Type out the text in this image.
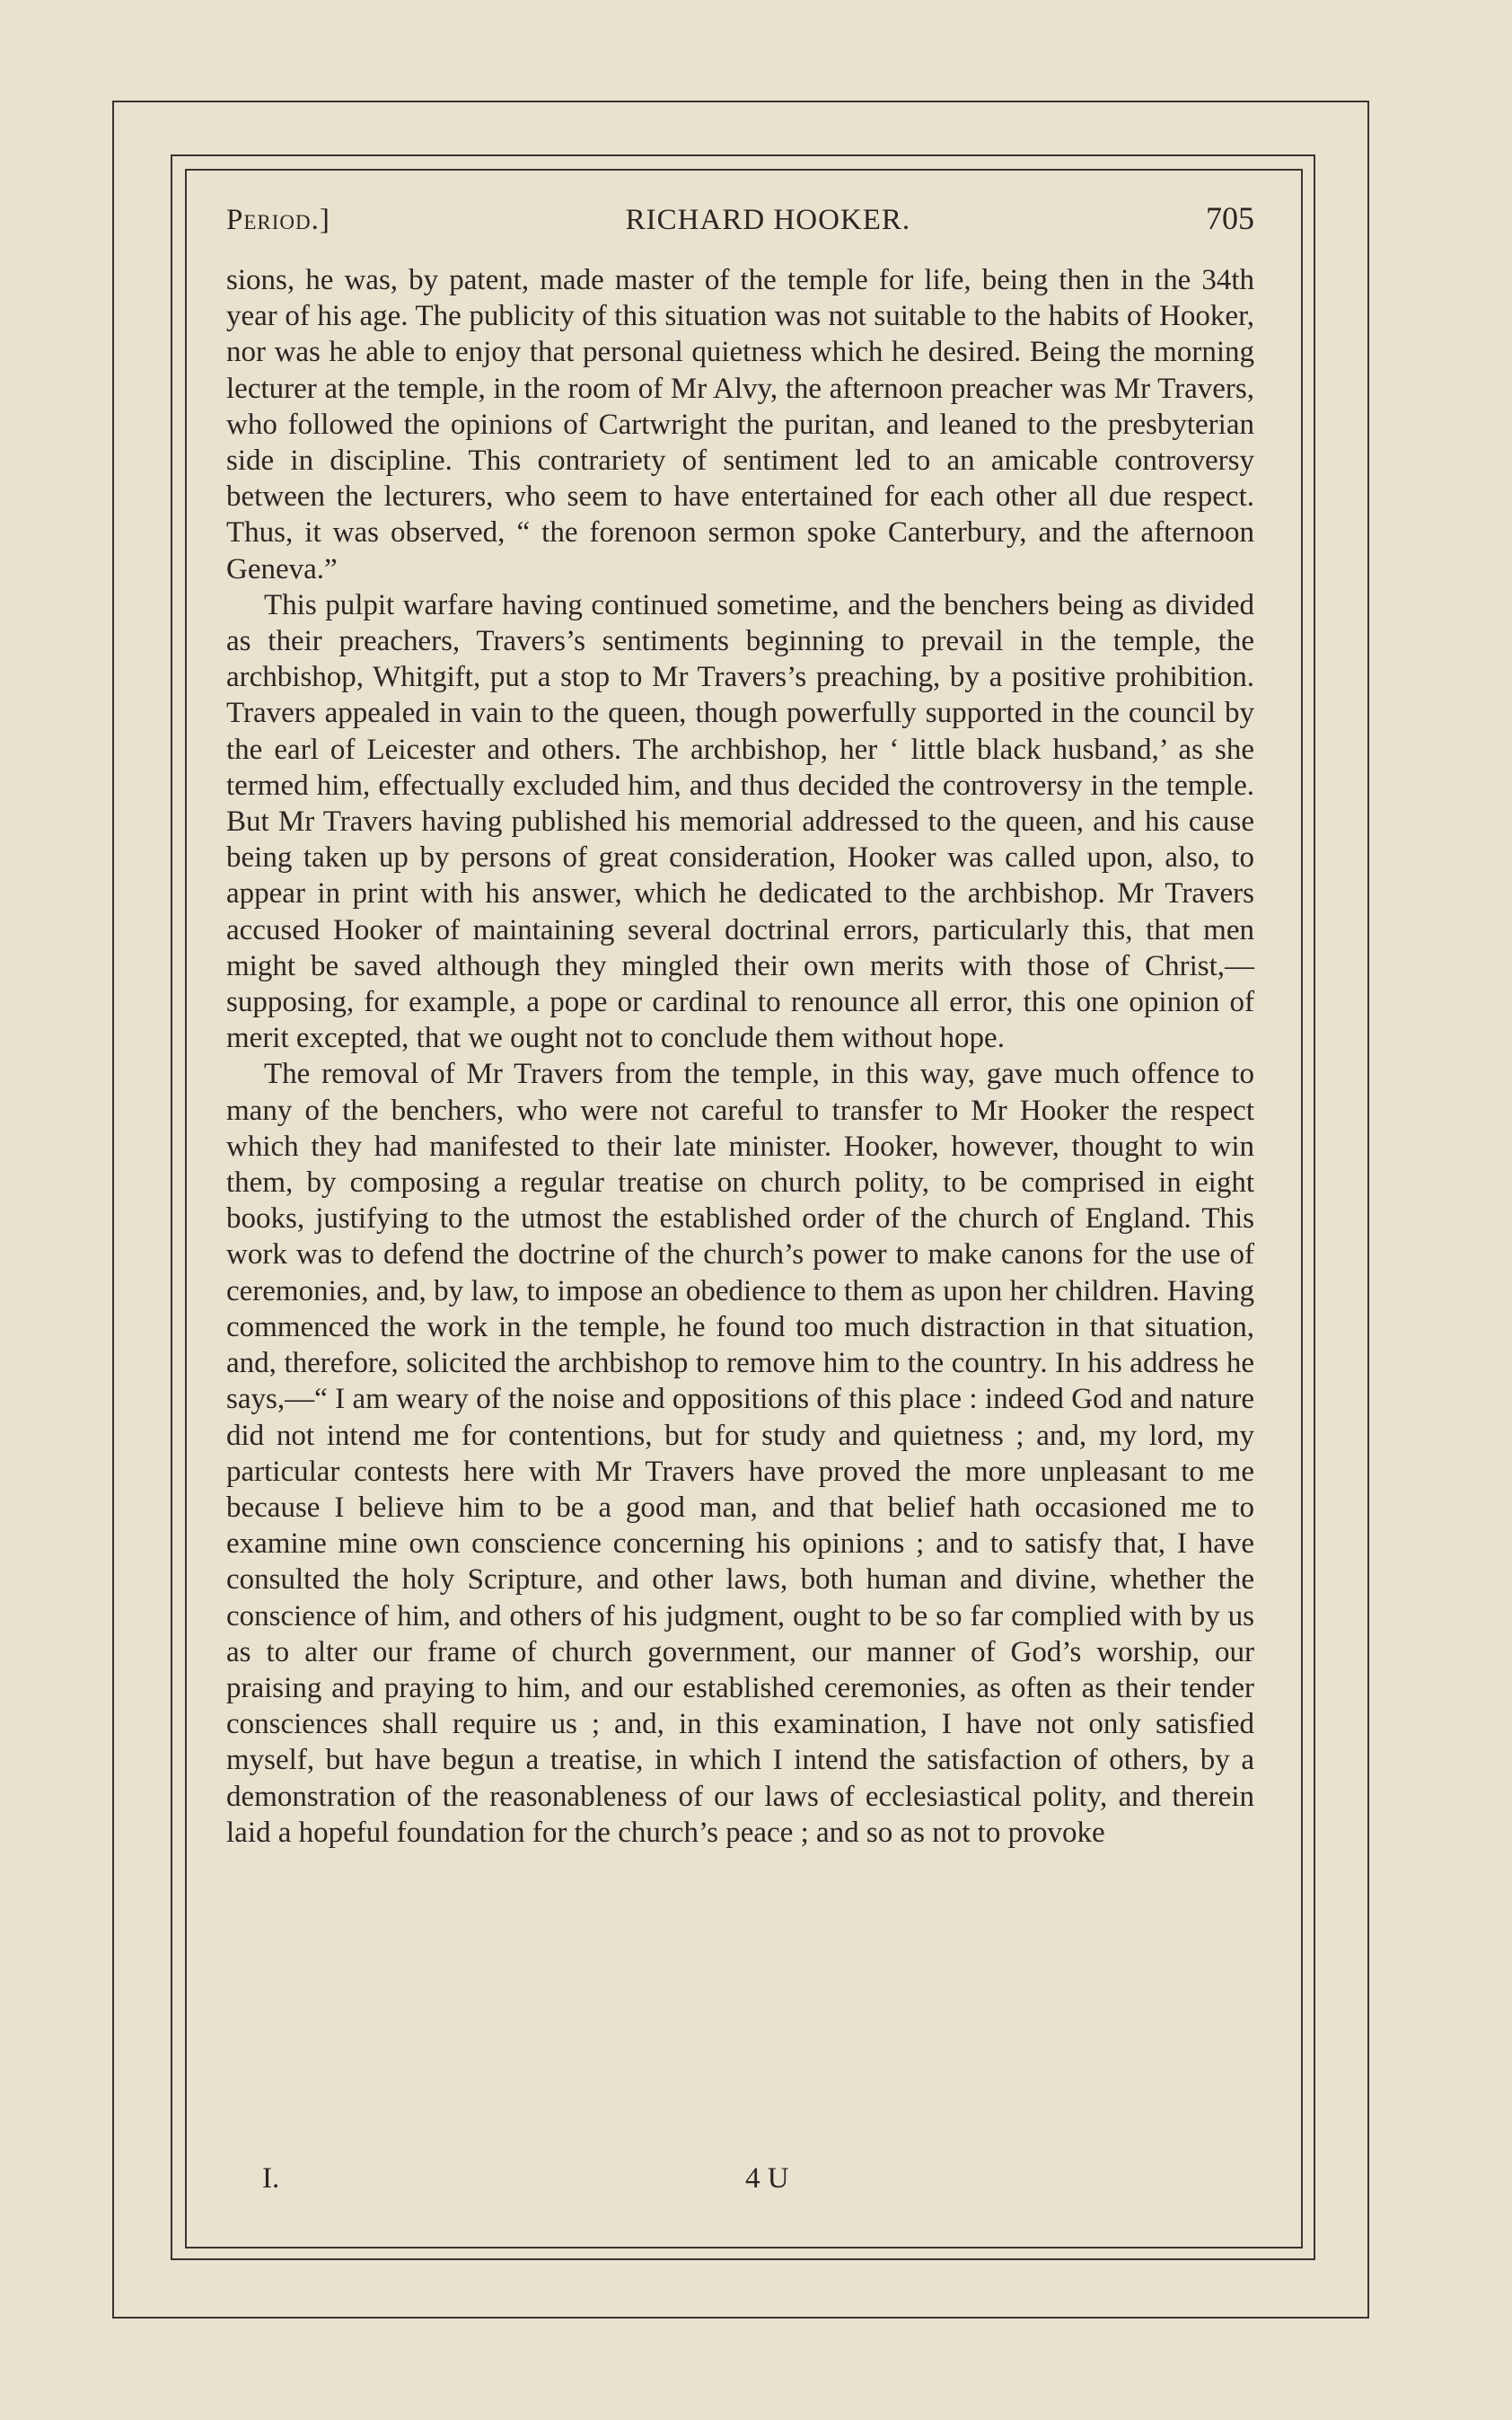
Period.]	RICHARD HOOKER.	705

sions, he was, by patent, made master of the temple for life, being then in the 34th year of his age. The publicity of this situation was not suitable to the habits of Hooker, nor was he able to enjoy that personal quietness which he desired. Being the morning lecturer at the temple, in the room of Mr Alvy, the afternoon preacher was Mr Travers, who followed the opinions of Cartwright the puritan, and leaned to the presbyterian side in discipline. This contrariety of sentiment led to an amicable controversy between the lecturers, who seem to have entertained for each other all due respect. Thus, it was observed, “ the forenoon sermon spoke Canterbury, and the afternoon Geneva.”

This pulpit warfare having continued sometime, and the benchers being as divided as their preachers, Travers’s sentiments beginning to prevail in the temple, the archbishop, Whitgift, put a stop to Mr Travers’s preaching, by a positive prohibition. Travers appealed in vain to the queen, though powerfully supported in the council by the earl of Leicester and others. The archbishop, her ‘ little black husband,’ as she termed him, effectually excluded him, and thus decided the controversy in the temple. But Mr Travers having published his memorial addressed to the queen, and his cause being taken up by persons of great consideration, Hooker was called upon, also, to appear in print with his answer, which he dedicated to the archbishop. Mr Travers accused Hooker of maintaining several doctrinal errors, particularly this, that men might be saved although they mingled their own merits with those of Christ,—supposing, for example, a pope or cardinal to renounce all error, this one opinion of merit excepted, that we ought not to conclude them without hope.

The removal of Mr Travers from the temple, in this way, gave much offence to many of the benchers, who were not careful to transfer to Mr Hooker the respect which they had manifested to their late minister. Hooker, however, thought to win them, by composing a regular treatise on church polity, to be comprised in eight books, justifying to the utmost the established order of the church of England. This work was to defend the doctrine of the church’s power to make canons for the use of ceremonies, and, by law, to impose an obedience to them as upon her children. Having commenced the work in the temple, he found too much distraction in that situation, and, therefore, solicited the archbishop to remove him to the country. In his address he says,—“ I am weary of the noise and oppositions of this place : indeed God and nature did not intend me for contentions, but for study and quietness ; and, my lord, my particular contests here with Mr Travers have proved the more unpleasant to me because I believe him to be a good man, and that belief hath occasioned me to examine mine own conscience concerning his opinions ; and to satisfy that, I have consulted the holy Scripture, and other laws, both human and divine, whether the conscience of him, and others of his judgment, ought to be so far complied with by us as to alter our frame of church government, our manner of God’s worship, our praising and praying to him, and our established ceremonies, as often as their tender consciences shall require us ; and, in this examination, I have not only satisfied myself, but have begun a treatise, in which I intend the satisfaction of others, by a demonstration of the reasonableness of our laws of ecclesiastical polity, and therein laid a hopeful foundation for the church’s peace ; and so as not to provoke

I.	4 U
